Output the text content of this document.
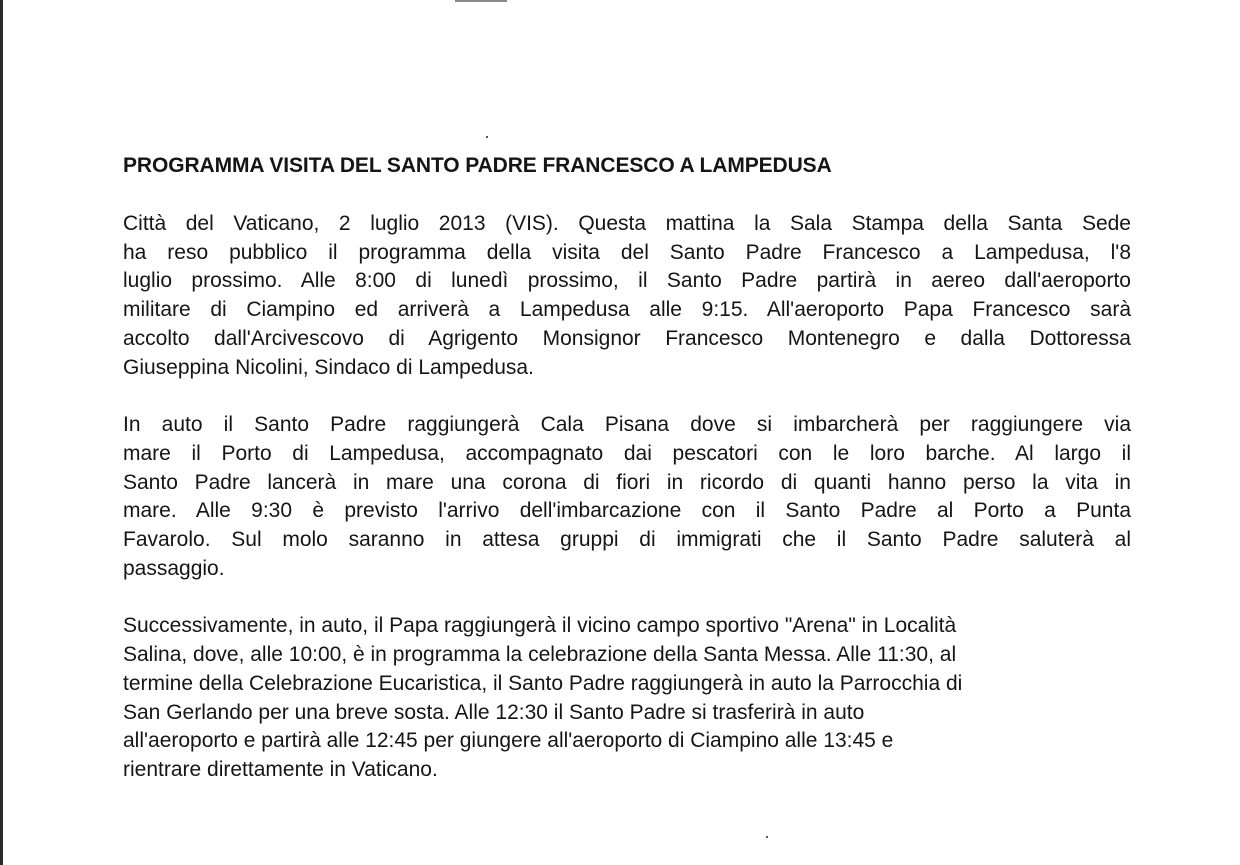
PROGRAMMA VISITA DEL SANTO PADRE FRANCESCO A LAMPEDUSA
Città del Vaticano, 2 luglio 2013 (VIS). Questa mattina la Sala Stampa della Santa Sede
ha reso pubblico il programma della visita del Santo Padre Francesco a Lampedusa, l'8
luglio prossimo. Alle 8:00 di lunedì prossimo, il Santo Padre partirà in aereo dall'aeroporto
militare di Ciampino ed arriverà a Lampedusa alle 9:15. All'aeroporto Papa Francesco sarà
accolto dall'Arcivescovo di Agrigento Monsignor Francesco Montenegro e dalla Dottoressa
Giuseppina Nicolini, Sindaco di Lampedusa.
In auto il Santo Padre raggiungerà Cala Pisana dove si imbarcherà per raggiungere via
mare il Porto di Lampedusa, accompagnato dai pescatori con le loro barche. Al largo il
Santo Padre lancerà in mare una corona di fiori in ricordo di quanti hanno perso la vita in
mare. Alle 9:30 è previsto l'arrivo dell'imbarcazione con il Santo Padre al Porto a Punta
Favarolo. Sul molo saranno in attesa gruppi di immigrati che il Santo Padre saluterà al
passaggio.
Successivamente, in auto, il Papa raggiungerà il vicino campo sportivo "Arena" in Località
Salina, dove, alle 10:00, è in programma la celebrazione della Santa Messa. Alle 11:30, al
termine della Celebrazione Eucaristica, il Santo Padre raggiungerà in auto la Parrocchia di
San Gerlando per una breve sosta. Alle 12:30 il Santo Padre si trasferirà in auto
all'aeroporto e partirà alle 12:45 per giungere all'aeroporto di Ciampino alle 13:45 e
rientrare direttamente in Vaticano.
